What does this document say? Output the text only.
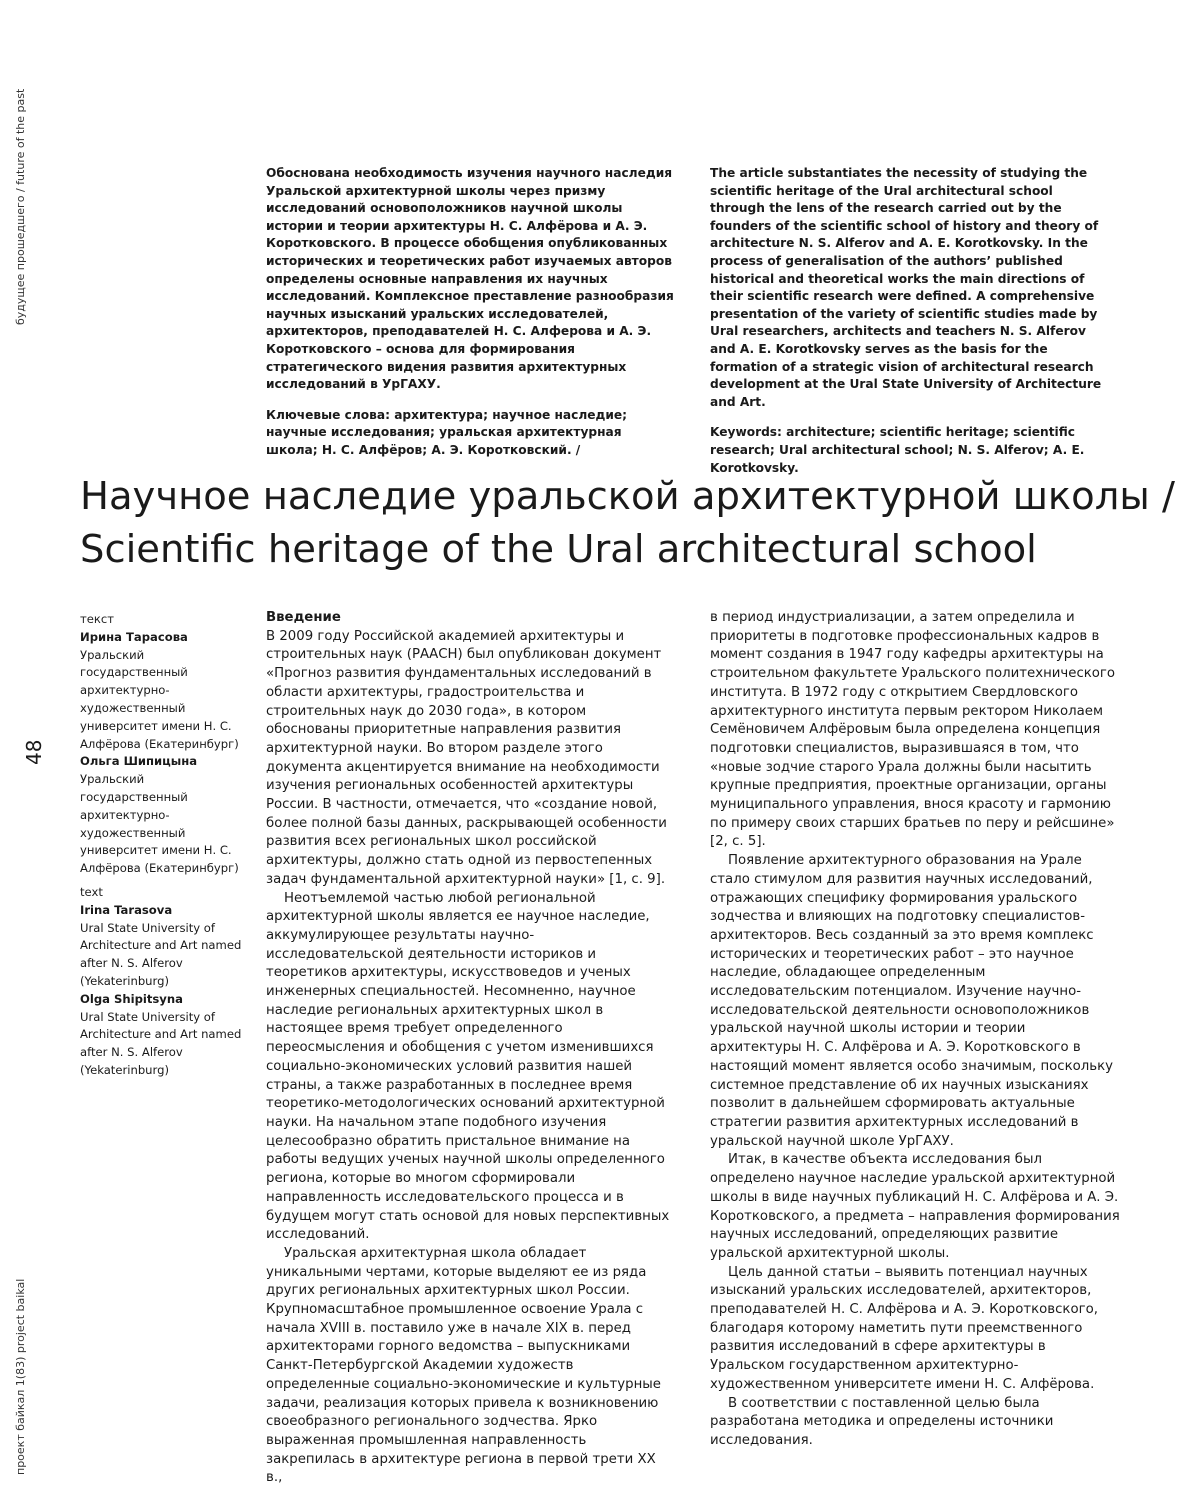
будущее прошедшего / future of the past
48
проект байкал 1(83) project baikal

Обоснована необходимость изучения научного наследия Уральской архитектурной школы через призму исследований основоположников научной школы истории и теории архитектуры Н. С. Алфёрова и А. Э. Коротковского. В процессе обобщения опубликованных исторических и теоретических работ изучаемых авторов определены основные направления их научных исследований. Комплексное преставление разнообразия научных изысканий уральских исследователей, архитекторов, преподавателей Н. С. Алферова и А. Э. Коротковского – основа для формирования стратегического видения развития архитектурных исследований в УрГАХУ.

Ключевые слова: архитектура; научное наследие; научные исследования; уральская архитектурная школа; Н. С. Алфёров; А. Э. Коротковский. /

The article substantiates the necessity of studying the scientific heritage of the Ural architectural school through the lens of the research carried out by the founders of the scientific school of history and theory of architecture N. S. Alferov and A. E. Korotkovsky. In the process of generalisation of the authors’ published historical and theoretical works the main directions of their scientific research were defined. A comprehensive presentation of the variety of scientific studies made by Ural researchers, architects and teachers N. S. Alferov and A. E. Korotkovsky serves as the basis for the formation of a strategic vision of architectural research development at the Ural State University of Architecture and Art.

Keywords: architecture; scientific heritage; scientific research; Ural architectural school; N. S. Alferov; A. E. Korotkovsky.

Научное наследие уральской архитектурной школы /
Scientific heritage of the Ural architectural school
текст
Ирина Тарасова
Уральский государственный архитектурно-художественный университет имени Н. С. Алфёрова (Екатеринбург)
Ольга Шипицына
Уральский государственный архитектурно-художественный университет имени Н. С. Алфёрова (Екатеринбург)
text
Irina Tarasova
Ural State University of Architecture and Art named after N. S. Alferov (Yekaterinburg)
Olga Shipitsyna
Ural State University of Architecture and Art named after N. S. Alferov (Yekaterinburg)
Введение

В 2009 году Российской академией архитектуры и строительных наук (РААСН) был опубликован документ «Прогноз развития фундаментальных исследований в области архитектуры, градостроительства и строительных наук до 2030 года», в котором обоснованы приоритетные направления развития архитектурной науки. Во втором разделе этого документа акцентируется внимание на необходимости изучения региональных особенностей архитектуры России. В частности, отмечается, что «создание новой, более полной базы данных, раскрывающей особенности развития всех региональных школ российской архитектуры, должно стать одной из первостепенных задач фундаментальной архитектурной науки» [1, с. 9].

Неотъемлемой частью любой региональной архитектурной школы является ее научное наследие, аккумулирующее результаты научно-исследовательской деятельности историков и теоретиков архитектуры, искусствоведов и ученых инженерных специальностей. Несомненно, научное наследие региональных архитектурных школ в настоящее время требует определенного переосмысления и обобщения с учетом изменившихся социально-экономических условий развития нашей страны, а также разработанных в последнее время теоретико-методологических оснований архитектурной науки. На начальном этапе подобного изучения целесообразно обратить пристальное внимание на работы ведущих ученых научной школы определенного региона, которые во многом сформировали направленность исследовательского процесса и в будущем могут стать основой для новых перспективных исследований.

Уральская архитектурная школа обладает уникальными чертами, которые выделяют ее из ряда других региональных архитектурных школ России. Крупномасштабное промышленное освоение Урала с начала XVIII в. поставило уже в начале XIX в. перед архитекторами горного ведомства – выпускниками Санкт-Петербургской Академии художеств определенные социально-экономические и культурные задачи, реализация которых привела к возникновению своеобразного регионального зодчества. Ярко выраженная промышленная направленность закрепилась в архитектуре региона в первой трети XX в.,

в период индустриализации, а затем определила и приоритеты в подготовке профессиональных кадров в момент создания в 1947 году кафедры архитектуры на строительном факультете Уральского политехнического института. В 1972 году с открытием Свердловского архитектурного института первым ректором Николаем Семёновичем Алфёровым была определена концепция подготовки специалистов, выразившаяся в том, что «новые зодчие старого Урала должны были насытить крупные предприятия, проектные организации, органы муниципального управления, внося красоту и гармонию по примеру своих старших братьев по перу и рейсшине» [2, с. 5].

Появление архитектурного образования на Урале стало стимулом для развития научных исследований, отражающих специфику формирования уральского зодчества и влияющих на подготовку специалистов-архитекторов. Весь созданный за это время комплекс исторических и теоретических работ – это научное наследие, обладающее определенным исследовательским потенциалом. Изучение научно-исследовательской деятельности основоположников уральской научной школы истории и теории архитектуры Н. С. Алфёрова и А. Э. Коротковского в настоящий момент является особо значимым, поскольку системное представление об их научных изысканиях позволит в дальнейшем сформировать актуальные стратегии развития архитектурных исследований в уральской научной школе УрГАХУ.

Итак, в качестве объекта исследования был определено научное наследие уральской архитектурной школы в виде научных публикаций Н. С. Алфёрова и А. Э. Коротковского, а предмета – направления формирования научных исследований, определяющих развитие уральской архитектурной школы.

Цель данной статьи – выявить потенциал научных изысканий уральских исследователей, архитекторов, преподавателей Н. С. Алфёрова и А. Э. Коротковского, благодаря которому наметить пути преемственного развития исследований в сфере архитектуры в Уральском государственном архитектурно-художественном университете имени Н. С. Алфёрова.

В соответствии с поставленной целью была разработана методика и определены источники исследования.
